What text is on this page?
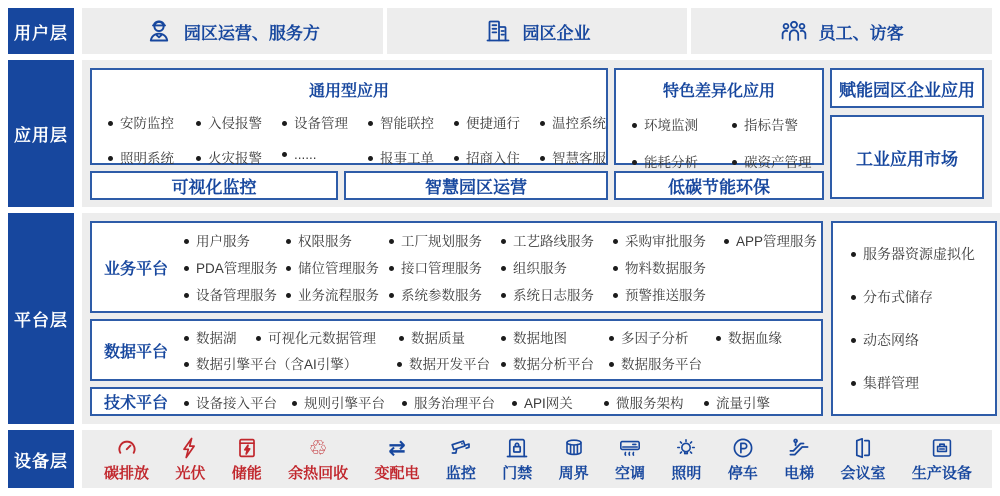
用户层	园区运营、服务方	园区企业	员工、访客
应用层
通用型应用
安防监控	入侵报警	设备管理	智能联控	便捷通行	温控系统
照明系统	火灾报警	......	报事工单	招商入住	智慧客服
可视化监控	智慧园区运营
特色差异化应用
环境监测	指标告警
能耗分析	碳资产管理
低碳节能环保
赋能园区企业应用
工业应用市场
平台层
业务平台
用户服务	权限服务	工厂规划服务	工艺路线服务	采购审批服务	APP管理服务
PDA管理服务	储位管理服务	接口管理服务	组织服务	物料数据服务
设备管理服务	业务流程服务	系统参数服务	系统日志服务	预警推送服务
数据平台
数据湖	可视化元数据管理	数据质量	数据地图	多因子分析	数据血缘
数据引擎平台（含AI引擎）	数据开发平台	数据分析平台	数据服务平台
技术平台	设备接入平台	规则引擎平台	服务治理平台	API网关	微服务架构	流量引擎
服务器资源虚拟化
分布式储存
动态网络
集群管理
设备层
碳排放 光伏 储能
♲
余热回收
⇄
变配电 监控 门禁 周界 空调 照明 停车 电梯 会议室 生产设备
